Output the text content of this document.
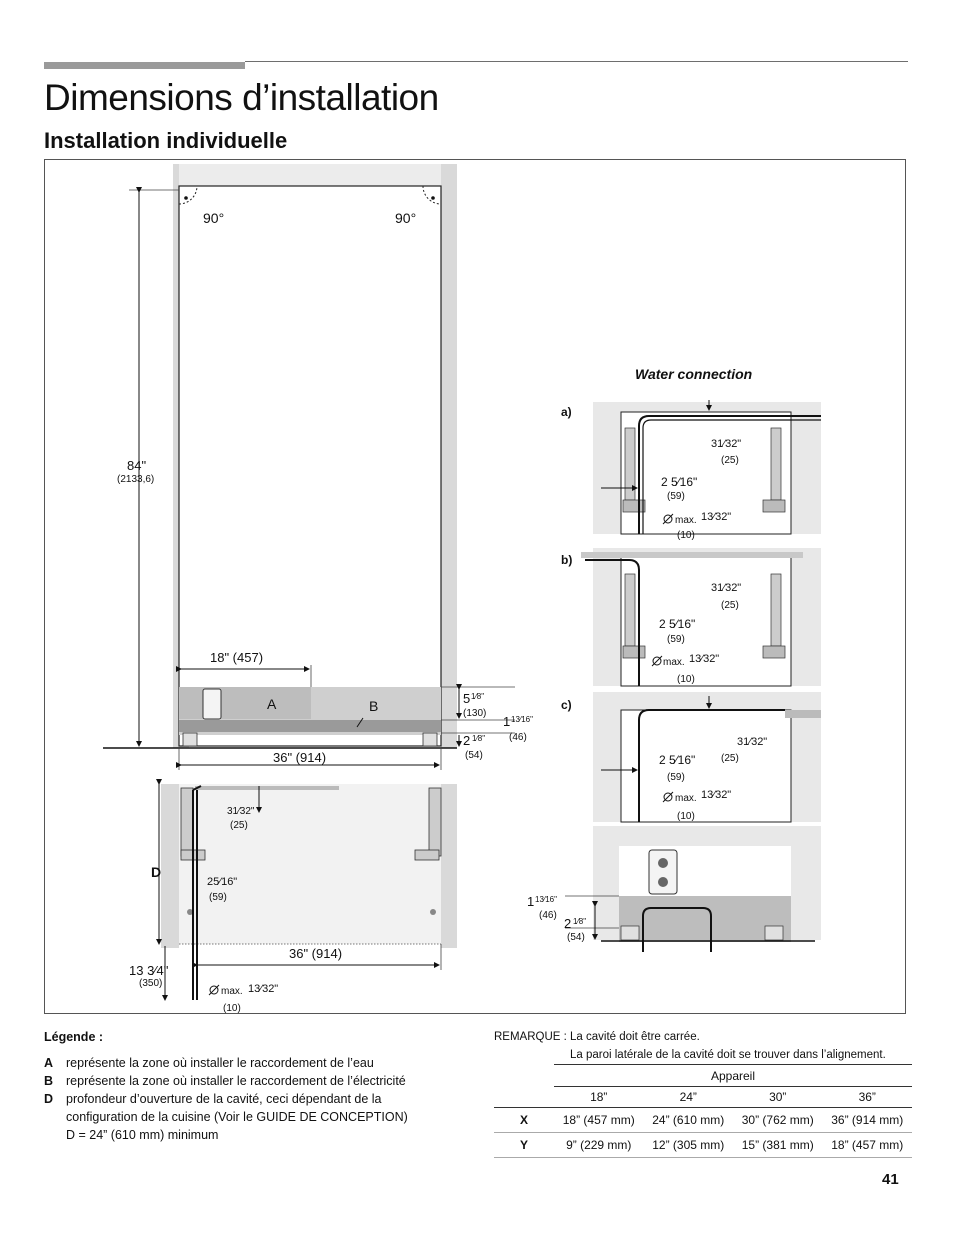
Dimensions d’installation
Installation individuelle
90°	90°
84"
(2133,6)
A	B
18" (457)
36" (914)
5 1⁄8"
(130)
1 13⁄16"
(46)
2 1⁄8"
(54)
D
13 3⁄4"
(350)
36" (914)
31⁄32"
(25)
25⁄16"
(59)
max. 13⁄32"
(10)
Water connection
a)
31⁄32"
(25)
2 5⁄16"
(59)
max. 13⁄32"
(10)
b)
31⁄32"
(25)
2 5⁄16"
(59)
max. 13⁄32"
(10)
c)
31⁄32"
(25)
2 5⁄16"
(59)
max. 13⁄32"
(10)
1 13⁄16"
(46)
2 1⁄8"
(54)
Légende :
A	représente la zone où installer le raccordement de l’eau
B	représente la zone où installer le raccordement de l’électricité
D	profondeur d’ouverture de la cavité, ceci dépendant de la
configuration de la cuisine (Voir le GUIDE DE CONCEPTION)
D = 24” (610 mm) minimum
REMARQUE : La cavité doit être carrée.
La paroi latérale de la cavité doit se trouver dans l’alignement.
	Appareil			
	18”	24”	30”	36”
X	18” (457 mm)	24” (610 mm)	30” (762 mm)	36” (914 mm)
Y	9” (229 mm)	12” (305 mm)	15” (381 mm)	18” (457 mm)
41
